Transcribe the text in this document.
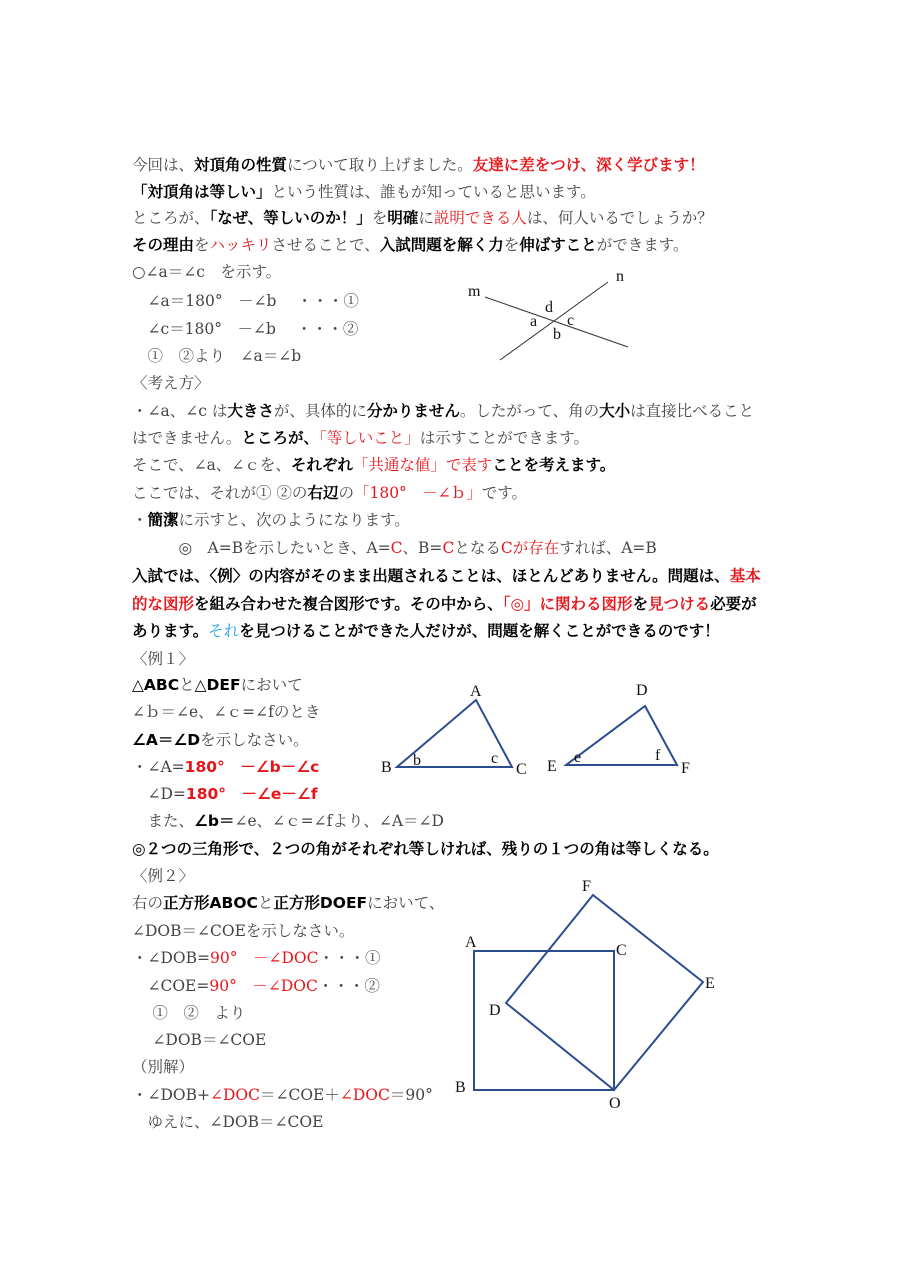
今回は、対頂角の性質について取り上げました。友達に差をつけ、深く学びます！
「対頂角は等しい」という性質は、誰もが知っていると思います。
ところが、「なぜ、等しいのか！」を明確に説明できる人は、何人いるでしょうか？
その理由をハッキリさせることで、入試問題を解く力を伸ばすことができます。
○∠a＝∠c　を示す。
　∠a＝180°　－∠b　 ・・・①
　∠c＝180°　－∠b　 ・・・②
　①　②より　∠a＝∠b
〈考え方〉
・∠a、∠c は大きさが、具体的に分かりません。したがって、角の大小は直接比べること
はできません。ところが、「等しいこと」は示すことができます。
そこで、∠a、∠ｃを、それぞれ「共通な値」で表すことを考えます。
ここでは、それが① ②の右辺の「180°　－∠ｂ」です。
・簡潔に示すと、次のようになります。
　　　◎　A=Bを示したいとき、A=C、B=CとなるCが存在すれば、A=B
入試では、〈例〉の内容がそのまま出題されることは、ほとんどありません。問題は、基本
的な図形を組み合わせた複合図形です。その中から、「◎」に関わる図形を見つける必要が
あります。それを見つけることができた人だけが、問題を解くことができるのです！
〈例１〉
△ABCと△DEFにおいて
∠ｂ＝∠e、∠ｃ=∠fのとき
∠A＝∠Dを示しなさい。
・∠A=180°　－∠b－∠c
　∠D=180°　－∠e－∠f
　また、∠b＝∠e、∠ｃ=∠fより、∠A＝∠D
◎２つの三角形で、２つの角がそれぞれ等しければ、残りの１つの角は等しくなる。
〈例２〉
右の正方形ABOCと正方形DOEFにおいて、
∠DOB＝∠COEを示しなさい。
・∠DOB=90°　－∠DOC・・・①
　∠COE=90°　－∠DOC・・・②
　 ①　②　より
　 ∠DOB＝∠COE
（別解）
・∠DOB+∠DOC＝∠COE＋∠DOC＝90°
　ゆえに、∠DOB＝∠COE
m
n
d
a c
b
A
B	C
b	c
D
E	F
e	f
A	C
F
E
D
B
O
